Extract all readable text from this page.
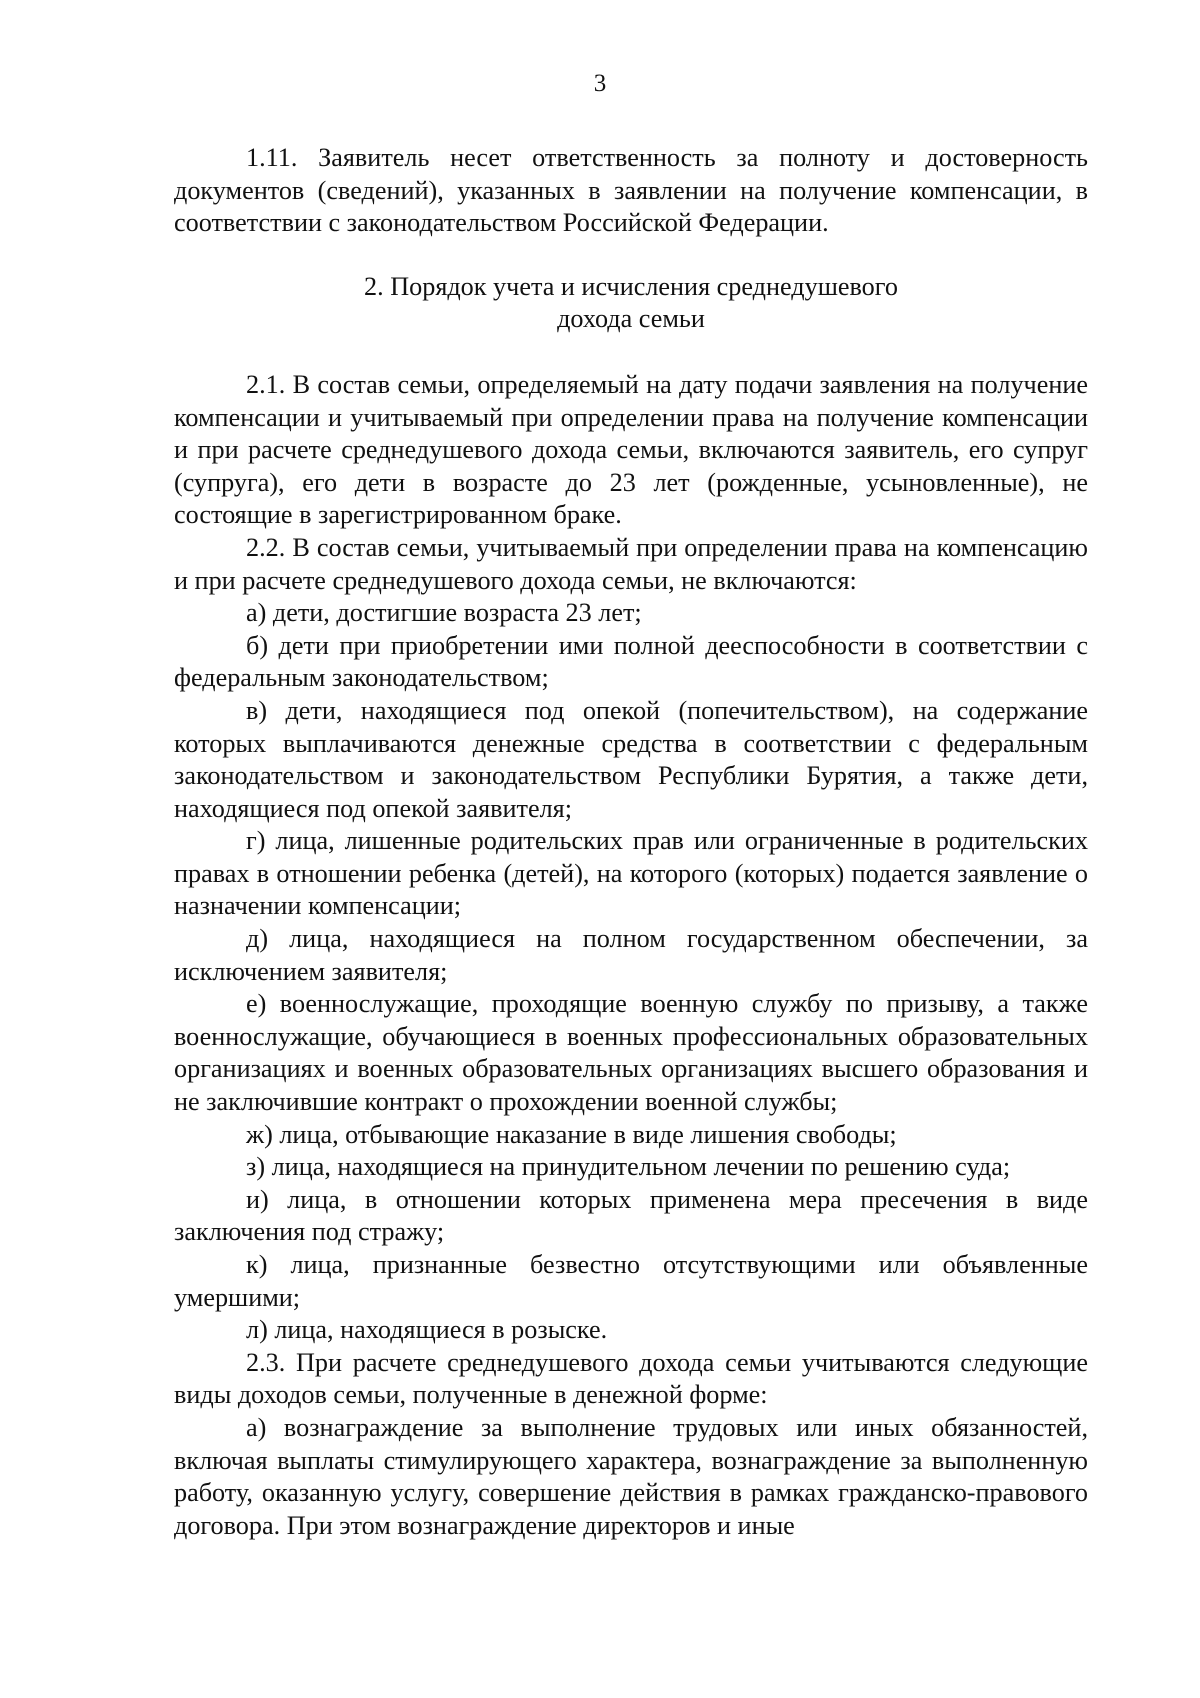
3

1.11. Заявитель несет ответственность за полноту и достоверность документов (сведений), указанных в заявлении на получение компенсации, в соответствии с законодательством Российской Федерации.

2. Порядок учета и исчисления среднедушевого
дохода семьи

2.1. В состав семьи, определяемый на дату подачи заявления на получение компенсации и учитываемый при определении права на получение компенсации и при расчете среднедушевого дохода семьи, включаются заявитель, его супруг (супруга), его дети в возрасте до 23 лет (рожденные, усыновленные), не состоящие в зарегистрированном браке.

2.2. В состав семьи, учитываемый при определении права на компенсацию и при расчете среднедушевого дохода семьи, не включаются:

а) дети, достигшие возраста 23 лет;

б) дети при приобретении ими полной дееспособности в соответствии с федеральным законодательством;

в) дети, находящиеся под опекой (попечительством), на содержание которых выплачиваются денежные средства в соответствии с федеральным законодательством и законодательством Республики Бурятия, а также дети, находящиеся под опекой заявителя;

г) лица, лишенные родительских прав или ограниченные в родительских правах в отношении ребенка (детей), на которого (которых) подается заявление о назначении компенсации;

д) лица, находящиеся на полном государственном обеспечении, за исключением заявителя;

е) военнослужащие, проходящие военную службу по призыву, а также военнослужащие, обучающиеся в военных профессиональных образовательных организациях и военных образовательных организациях высшего образования и не заключившие контракт о прохождении военной службы;

ж) лица, отбывающие наказание в виде лишения свободы;

з) лица, находящиеся на принудительном лечении по решению суда;

и) лица, в отношении которых применена мера пресечения в виде заключения под стражу;

к) лица, признанные безвестно отсутствующими или объявленные умершими;

л) лица, находящиеся в розыске.

2.3. При расчете среднедушевого дохода семьи учитываются следующие виды доходов семьи, полученные в денежной форме:

а) вознаграждение за выполнение трудовых или иных обязанностей, включая выплаты стимулирующего характера, вознаграждение за выполненную работу, оказанную услугу, совершение действия в рамках гражданско-правового договора. При этом вознаграждение директоров и иные
